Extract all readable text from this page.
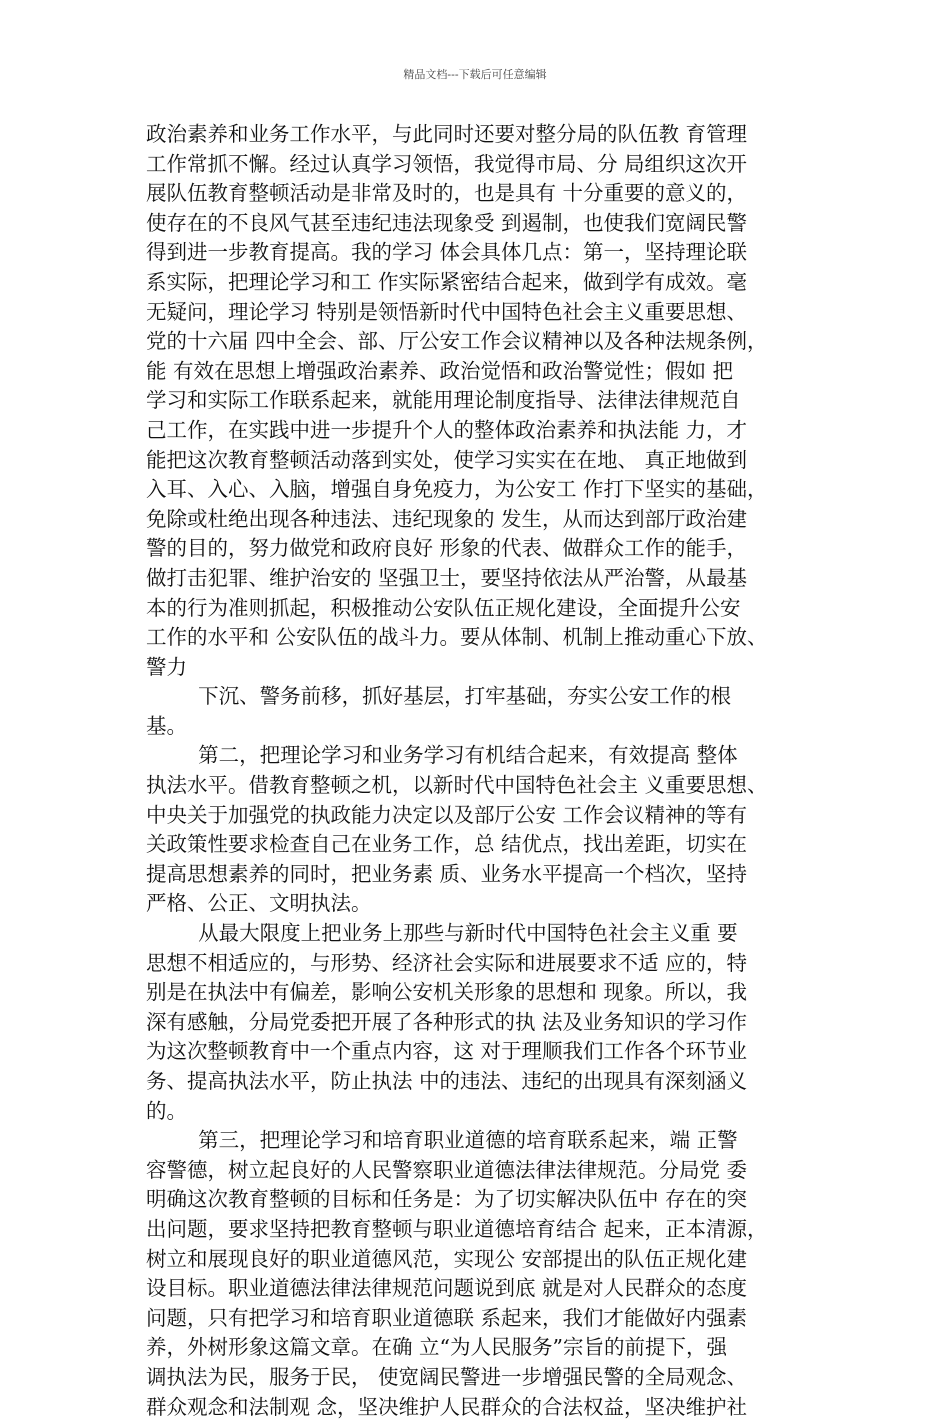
精品文档---下载后可任意编辑
政治素养和业务工作水平，与此同时还要对整分局的队伍教 育管理
工作常抓不懈。经过认真学习领悟，我觉得市局、分 局组织这次开
展队伍教育整顿活动是非常及时的，也是具有 十分重要的意义的，
使存在的不良风气甚至违纪违法现象受 到遏制，也使我们宽阔民警
得到进一步教育提高。我的学习 体会具体几点：第一，坚持理论联
系实际，把理论学习和工 作实际紧密结合起来，做到学有成效。毫
无疑问，理论学习 特别是领悟新时代中国特色社会主义重要思想、
党的十六届 四中全会、部、厅公安工作会议精神以及各种法规条例，
能 有效在思想上增强政治素养、政治觉悟和政治警觉性；假如 把
学习和实际工作联系起来，就能用理论制度指导、法律法律规范自
己工作，在实践中进一步提升个人的整体政治素养和执法能 力，才
能把这次教育整顿活动落到实处，使学习实实在在地、 真正地做到
入耳、入心、入脑，增强自身免疫力，为公安工 作打下坚实的基础，
免除或杜绝出现各种违法、违纪现象的 发生，从而达到部厅政治建
警的目的，努力做党和政府良好 形象的代表、做群众工作的能手，
做打击犯罪、维护治安的 坚强卫士，要坚持依法从严治警，从最基
本的行为准则抓起，积极推动公安队伍正规化建设，全面提升公安
工作的水平和 公安队伍的战斗力。要从体制、机制上推动重心下放、
警力
下沉、警务前移，抓好基层，打牢基础，夯实公安工作的根
基。
第二，把理论学习和业务学习有机结合起来，有效提高 整体
执法水平。借教育整顿之机，以新时代中国特色社会主 义重要思想、
中央关于加强党的执政能力决定以及部厅公安 工作会议精神的等有
关政策性要求检查自己在业务工作，总 结优点，找出差距，切实在
提高思想素养的同时，把业务素 质、业务水平提高一个档次，坚持
严格、公正、文明执法。
从最大限度上把业务上那些与新时代中国特色社会主义重 要
思想不相适应的，与形势、经济社会实际和进展要求不适 应的，特
别是在执法中有偏差，影响公安机关形象的思想和 现象。所以，我
深有感触，分局党委把开展了各种形式的执 法及业务知识的学习作
为这次整顿教育中一个重点内容，这 对于理顺我们工作各个环节业
务、提高执法水平，防止执法 中的违法、违纪的出现具有深刻涵义
的。
第三，把理论学习和培育职业道德的培育联系起来，端 正警
容警德，树立起良好的人民警察职业道德法律法律规范。分局党 委
明确这次教育整顿的目标和任务是：为了切实解决队伍中 存在的突
出问题，要求坚持把教育整顿与职业道德培育结合 起来，正本清源，
树立和展现良好的职业道德风范，实现公 安部提出的队伍正规化建
设目标。职业道德法律法律规范问题说到底 就是对人民群众的态度
问题，只有把学习和培育职业道德联 系起来，我们才能做好内强素
养，外树形象这篇文章。在确 立“为人民服务”宗旨的前提下，强
调执法为民，服务于民， 使宽阔民警进一步增强民警的全局观念、
群众观念和法制观 念，坚决维护人民群众的合法权益，坚决维护社
